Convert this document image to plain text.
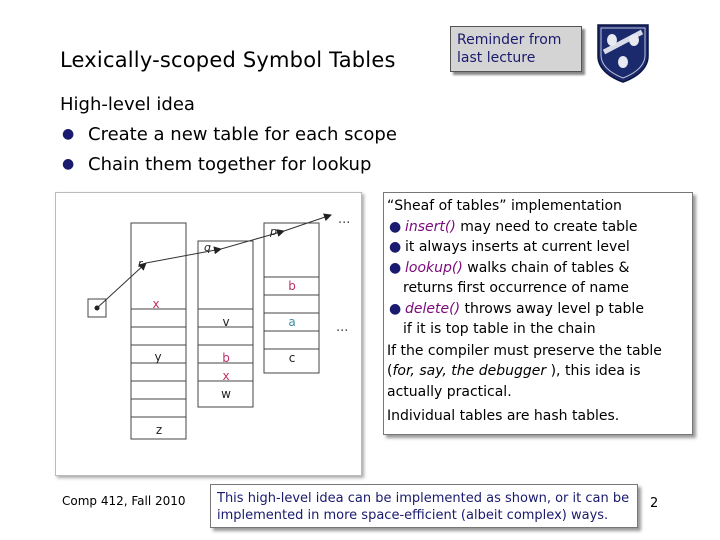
Lexically-scoped Symbol Tables
Reminder from last lecture
High-level idea
● Create a new table for each scope
● Chain them together for lookup
r
q
p
...
...
x
y
z
v
b
x
w
b
a
c
“Sheaf of tables” implementation
● insert() may need to create table
● it always inserts at current level
● lookup() walks chain of tables &
returns first occurrence of name
● delete() throws away level p table
if it is top table in the chain
If the compiler must preserve the table (for, say, the debugger ), this idea is actually practical.
Individual tables are hash tables.
Comp 412, Fall 2010	This high-level idea can be implemented as shown, or it can be implemented in more space-efficient (albeit complex) ways.
2
